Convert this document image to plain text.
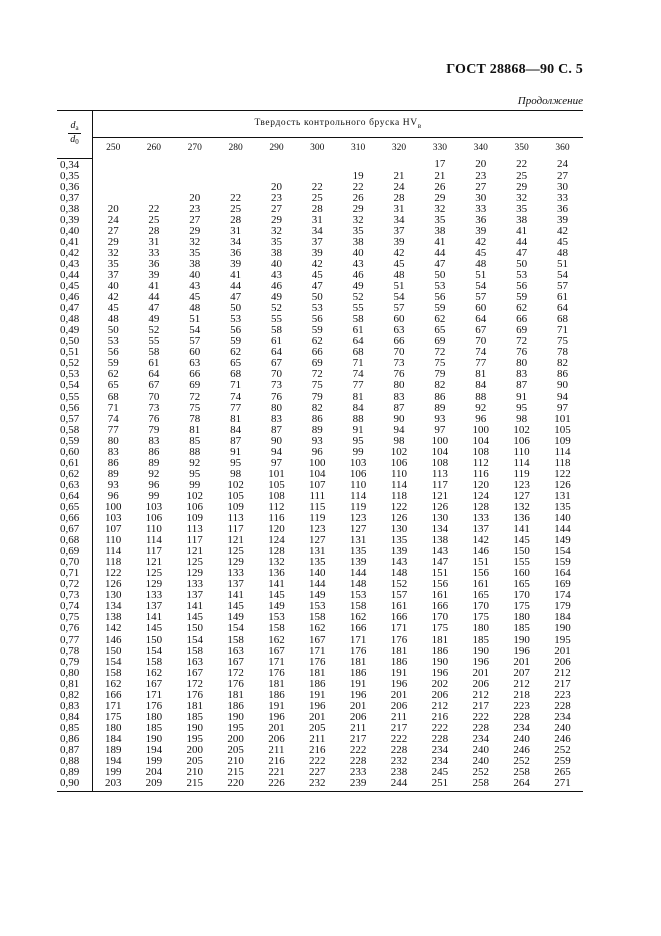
ГОСТ 28868—90 С. 5
Продолжение
$\frac{d_a}{d_0}$	Твердость контрольного бруска $HV_в$
	250	260	270	280	290	300	310	320	330	340	350	360
0,34									17	20	22	24
0,35							19	21	21	23	25	27
0,36					20	22	22	24	26	27	29	30
0,37			20	22	23	25	26	28	29	30	32	33
0,38	20	22	23	25	27	28	29	31	32	33	35	36
0,39	24	25	27	28	29	31	32	34	35	36	38	39
0,40	27	28	29	31	32	34	35	37	38	39	41	42
0,41	29	31	32	34	35	37	38	39	41	42	44	45
0,42	32	33	35	36	38	39	40	42	44	45	47	48
0,43	35	36	38	39	40	42	43	45	47	48	50	51
0,44	37	39	40	41	43	45	46	48	50	51	53	54
0,45	40	41	43	44	46	47	49	51	53	54	56	57
0,46	42	44	45	47	49	50	52	54	56	57	59	61
0,47	45	47	48	50	52	53	55	57	59	60	62	64
0,48	48	49	51	53	55	56	58	60	62	64	66	68
0,49	50	52	54	56	58	59	61	63	65	67	69	71
0,50	53	55	57	59	61	62	64	66	69	70	72	75
0,51	56	58	60	62	64	66	68	70	72	74	76	78
0,52	59	61	63	65	67	69	71	73	75	77	80	82
0,53	62	64	66	68	70	72	74	76	79	81	83	86
0,54	65	67	69	71	73	75	77	80	82	84	87	90
0,55	68	70	72	74	76	79	81	83	86	88	91	94
0,56	71	73	75	77	80	82	84	87	89	92	95	97
0,57	74	76	78	81	83	86	88	90	93	96	98	101
0,58	77	79	81	84	87	89	91	94	97	100	102	105
0,59	80	83	85	87	90	93	95	98	100	104	106	109
0,60	83	86	88	91	94	96	99	102	104	108	110	114
0,61	86	89	92	95	97	100	103	106	108	112	114	118
0,62	89	92	95	98	101	104	106	110	113	116	119	122
0,63	93	96	99	102	105	107	110	114	117	120	123	126
0,64	96	99	102	105	108	111	114	118	121	124	127	131
0,65	100	103	106	109	112	115	119	122	126	128	132	135
0,66	103	106	109	113	116	119	123	126	130	133	136	140
0,67	107	110	113	117	120	123	127	130	134	137	141	144
0,68	110	114	117	121	124	127	131	135	138	142	145	149
0,69	114	117	121	125	128	131	135	139	143	146	150	154
0,70	118	121	125	129	132	135	139	143	147	151	155	159
0,71	122	125	129	133	136	140	144	148	151	156	160	164
0,72	126	129	133	137	141	144	148	152	156	161	165	169
0,73	130	133	137	141	145	149	153	157	161	165	170	174
0,74	134	137	141	145	149	153	158	161	166	170	175	179
0,75	138	141	145	149	153	158	162	166	170	175	180	184
0,76	142	145	150	154	158	162	166	171	175	180	185	190
0,77	146	150	154	158	162	167	171	176	181	185	190	195
0,78	150	154	158	163	167	171	176	181	186	190	196	201
0,79	154	158	163	167	171	176	181	186	190	196	201	206
0,80	158	162	167	172	176	181	186	191	196	201	207	212
0,81	162	167	172	176	181	186	191	196	202	206	212	217
0,82	166	171	176	181	186	191	196	201	206	212	218	223
0,83	171	176	181	186	191	196	201	206	212	217	223	228
0,84	175	180	185	190	196	201	206	211	216	222	228	234
0,85	180	185	190	195	201	205	211	217	222	228	234	240
0,86	184	190	195	200	206	211	217	222	228	234	240	246
0,87	189	194	200	205	211	216	222	228	234	240	246	252
0,88	194	199	205	210	216	222	228	232	234	240	252	259
0,89	199	204	210	215	221	227	233	238	245	252	258	265
0,90	203	209	215	220	226	232	239	244	251	258	264	271
